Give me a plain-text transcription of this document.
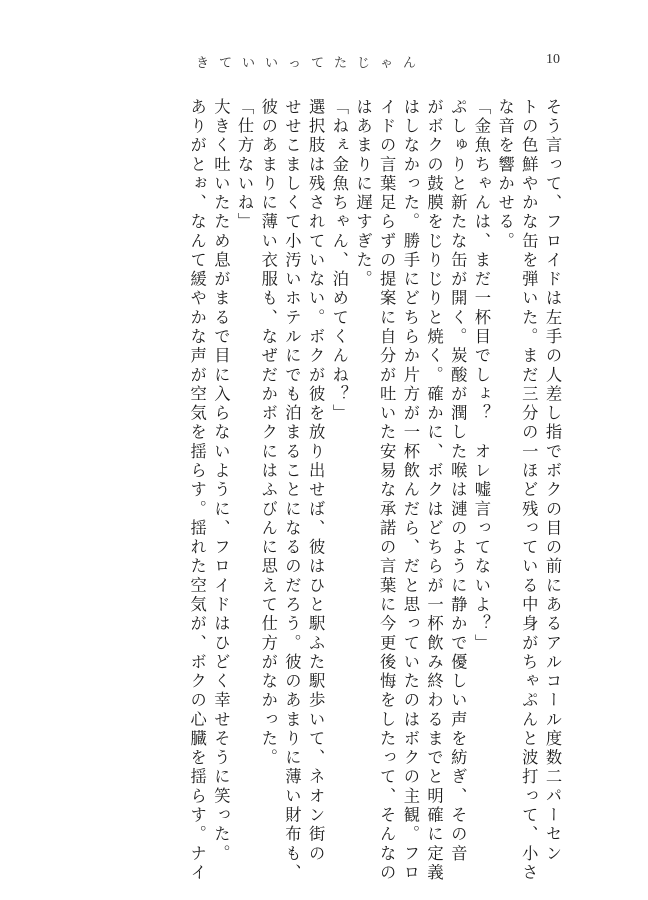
きていいってたじゃん	10
そう言って、フロイドは左手の人差し指でボクの目の前にあるアルコール度数二パーセン
トの色鮮やかな缶を弾いた。まだ三分の一ほど残っている中身がちゃぷんと波打って、小さ
な音を響かせる。
「金魚ちゃんは、まだ一杯目でしょ？　オレ嘘言ってないよ？」
ぷしゅりと新たな缶が開く。炭酸が潤した喉は漣のように静かで優しい声を紡ぎ、その音
がボクの鼓膜をじりじりと焼く。確かに、ボクはどちらが一杯飲み終わるまでと明確に定義
はしなかった。勝手にどちらか片方が一杯飲んだら、だと思っていたのはボクの主観。フロ
イドの言葉足らずの提案に自分が吐いた安易な承諾の言葉に今更後悔をしたって、そんなの
はあまりに遅すぎた。
「ねぇ金魚ちゃん、泊めてくんね？」
選択肢は残されていない。ボクが彼を放り出せば、彼はひと駅ふた駅歩いて、ネオン街の
せせこましくて小汚いホテルにでも泊まることになるのだろう。彼のあまりに薄い財布も、
彼のあまりに薄い衣服も、なぜだかボクにはふびんに思えて仕方がなかった。
「仕方ないね」
大きく吐いたため息がまるで目に入らないように、フロイドはひどく幸せそうに笑った。
ありがとぉ、なんて緩やかな声が空気を揺らす。揺れた空気が、ボクの心臓を揺らす。ナイ
